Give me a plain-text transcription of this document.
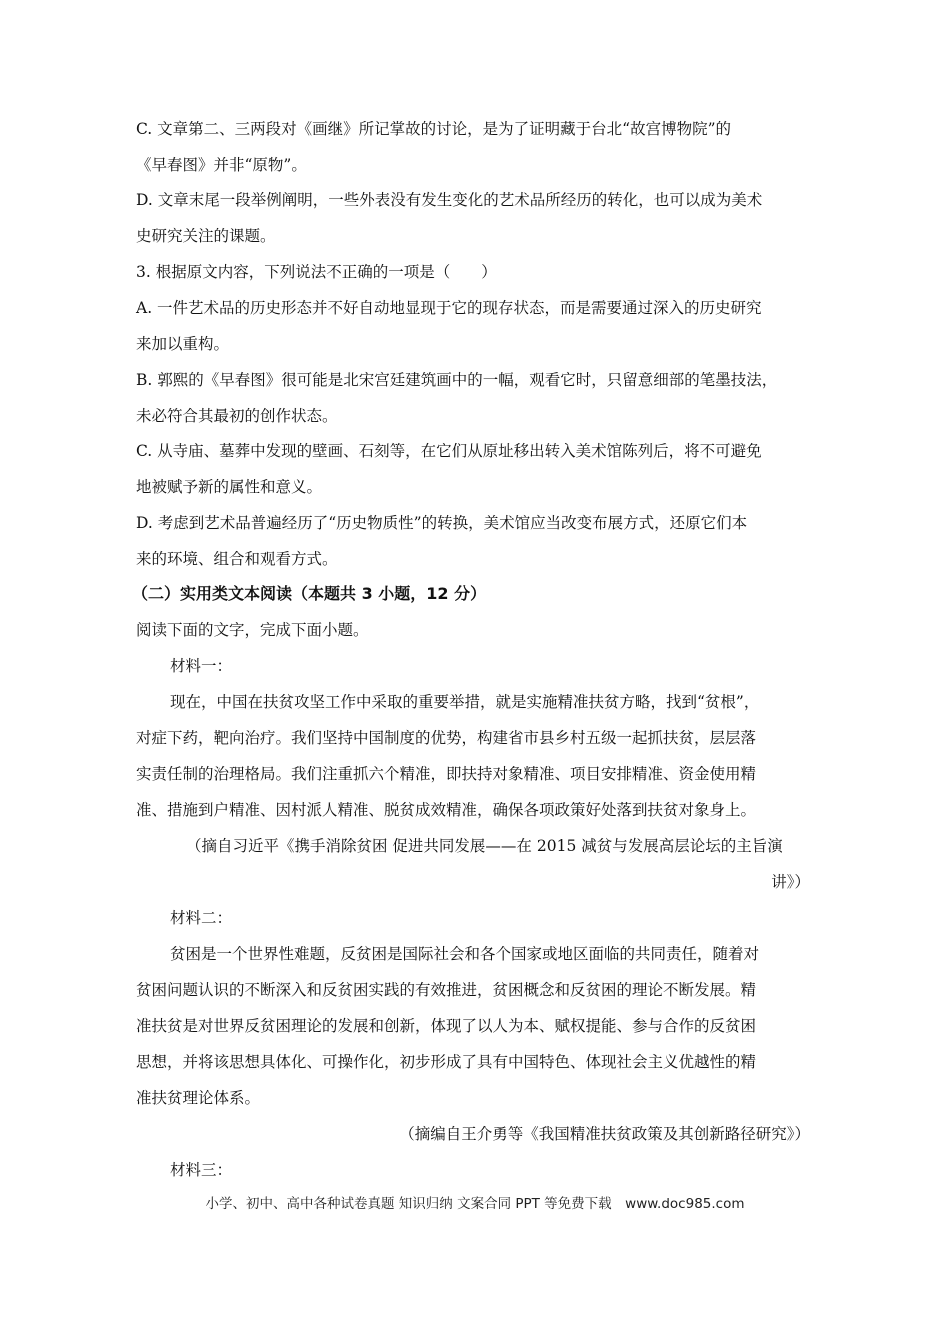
C. 文章第二、三两段对《画继》所记掌故的讨论，是为了证明藏于台北“故宫博物院”的
《早春图》并非“原物”。
D. 文章末尾一段举例阐明，一些外表没有发生变化的艺术品所经历的转化，也可以成为美术
史研究关注的课题。
3. 根据原文内容，下列说法不正确的一项是（　　）
A. 一件艺术品的历史形态并不好自动地显现于它的现存状态，而是需要通过深入的历史研究
来加以重构。
B. 郭熙的《早春图》很可能是北宋宫廷建筑画中的一幅，观看它时，只留意细部的笔墨技法，
未必符合其最初的创作状态。
C. 从寺庙、墓葬中发现的壁画、石刻等，在它们从原址移出转入美术馆陈列后，将不可避免
地被赋予新的属性和意义。
D. 考虑到艺术品普遍经历了“历史物质性”的转换，美术馆应当改变布展方式，还原它们本
来的环境、组合和观看方式。
（二）实用类文本阅读（本题共 3 小题，12 分）
阅读下面的文字，完成下面小题。
材料一：
现在，中国在扶贫攻坚工作中采取的重要举措，就是实施精准扶贫方略，找到“贫根”，
对症下药，靶向治疗。我们坚持中国制度的优势，构建省市县乡村五级一起抓扶贫，层层落
实责任制的治理格局。我们注重抓六个精准，即扶持对象精准、项目安排精准、资金使用精
准、措施到户精准、因村派人精准、脱贫成效精准，确保各项政策好处落到扶贫对象身上。
（摘自习近平《携手消除贫困 促进共同发展——在 2015 减贫与发展高层论坛的主旨演
讲》）
材料二：
贫困是一个世界性难题，反贫困是国际社会和各个国家或地区面临的共同责任，随着对
贫困问题认识的不断深入和反贫困实践的有效推进，贫困概念和反贫困的理论不断发展。精
准扶贫是对世界反贫困理论的发展和创新，体现了以人为本、赋权提能、参与合作的反贫困
思想，并将该思想具体化、可操作化，初步形成了具有中国特色、体现社会主义优越性的精
准扶贫理论体系。
（摘编自王介勇等《我国精准扶贫政策及其创新路径研究》）
材料三：
小学、初中、高中各种试卷真题 知识归纳 文案合同 PPT 等免费下载　www.doc985.com
